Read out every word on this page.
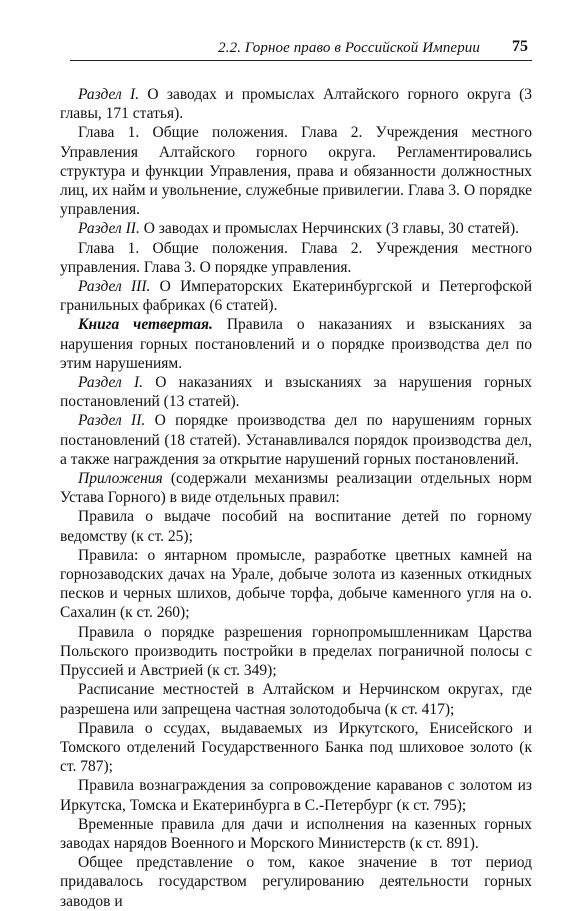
2.2. Горное право в Российской Империи 75

Раздел I. О заводах и промыслах Алтайского горного округа (3 главы, 171 статья).

Глава 1. Общие положения. Глава 2. Учреждения местного Управления Алтайского горного округа. Регламентировались структура и функции Управления, права и обязанности должностных лиц, их найм и увольнение, служебные привилегии. Глава 3. О порядке управления.

Раздел II. О заводах и промыслах Нерчинских (3 главы, 30 статей).

Глава 1. Общие положения. Глава 2. Учреждения местного управления. Глава 3. О порядке управления.

Раздел III. О Императорских Екатеринбургской и Петергофской гранильных фабриках (6 статей).

Книга четвертая. Правила о наказаниях и взысканиях за нарушения горных постановлений и о порядке производства дел по этим нарушениям.

Раздел I. О наказаниях и взысканиях за нарушения горных постановлений (13 статей).

Раздел II. О порядке производства дел по нарушениям горных постановлений (18 статей). Устанавливался порядок производства дел, а также награждения за открытие нарушений горных постановлений.

Приложения (содержали механизмы реализации отдельных норм Устава Горного) в виде отдельных правил:

Правила о выдаче пособий на воспитание детей по горному ведомству (к ст. 25);

Правила: о янтарном промысле, разработке цветных камней на горнозаводских дачах на Урале, добыче золота из казенных откидных песков и черных шлихов, добыче торфа, добыче каменного угля на о. Сахалин (к ст. 260);

Правила о порядке разрешения горнопромышленникам Царства Польского производить постройки в пределах пограничной полосы с Пруссией и Австрией (к ст. 349);

Расписание местностей в Алтайском и Нерчинском округах, где разрешена или запрещена частная золотодобыча (к ст. 417);

Правила о ссудах, выдаваемых из Иркутского, Енисейского и Томского отделений Государственного Банка под шлиховое золото (к ст. 787);

Правила вознаграждения за сопровождение караванов с золотом из Иркутска, Томска и Екатеринбурга в С.-Петербург (к ст. 795);

Временные правила для дачи и исполнения на казенных горных заводах нарядов Военного и Морского Министерств (к ст. 891).

Общее представление о том, какое значение в тот период придавалось государством регулированию деятельности горных заводов и
